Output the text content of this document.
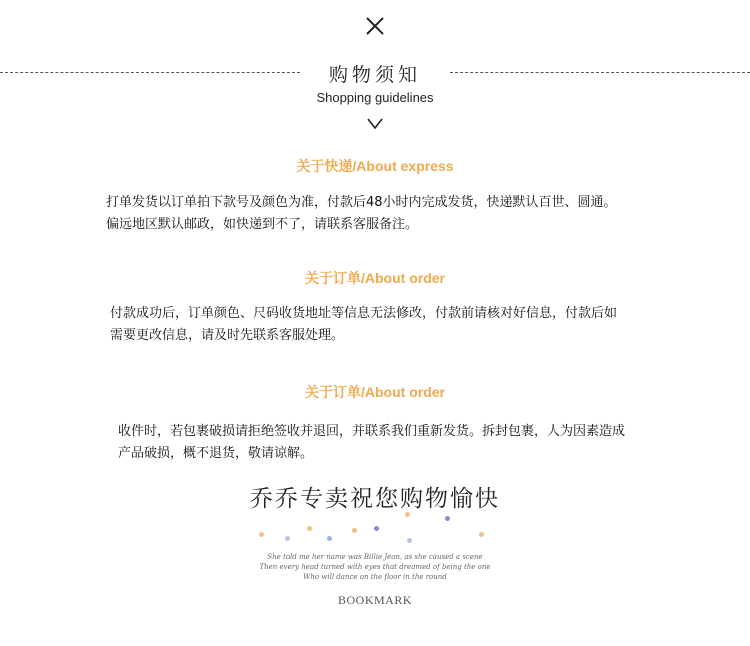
购物须知
Shopping guidelines
关于快递/About express
打单发货以订单拍下款号及颜色为准，付款后48小时内完成发货，快递默认百世、圆通。
偏远地区默认邮政，如快递到不了，请联系客服备注。
关于订单/About order
付款成功后，订单颜色、尺码收货地址等信息无法修改，付款前请核对好信息，付款后如
需要更改信息，请及时先联系客服处理。
关于订单/About order
收件时，若包裹破损请拒绝签收并退回，并联系我们重新发货。拆封包裹，人为因素造成
产品破损，概不退货，敬请谅解。
乔乔专卖祝您购物愉快
She told me her name was Billie Jean, as she caused a scene
Then every head turned with eyes that dreamed of being the one
Who will dance on the floor in the round
BOOKMARK
